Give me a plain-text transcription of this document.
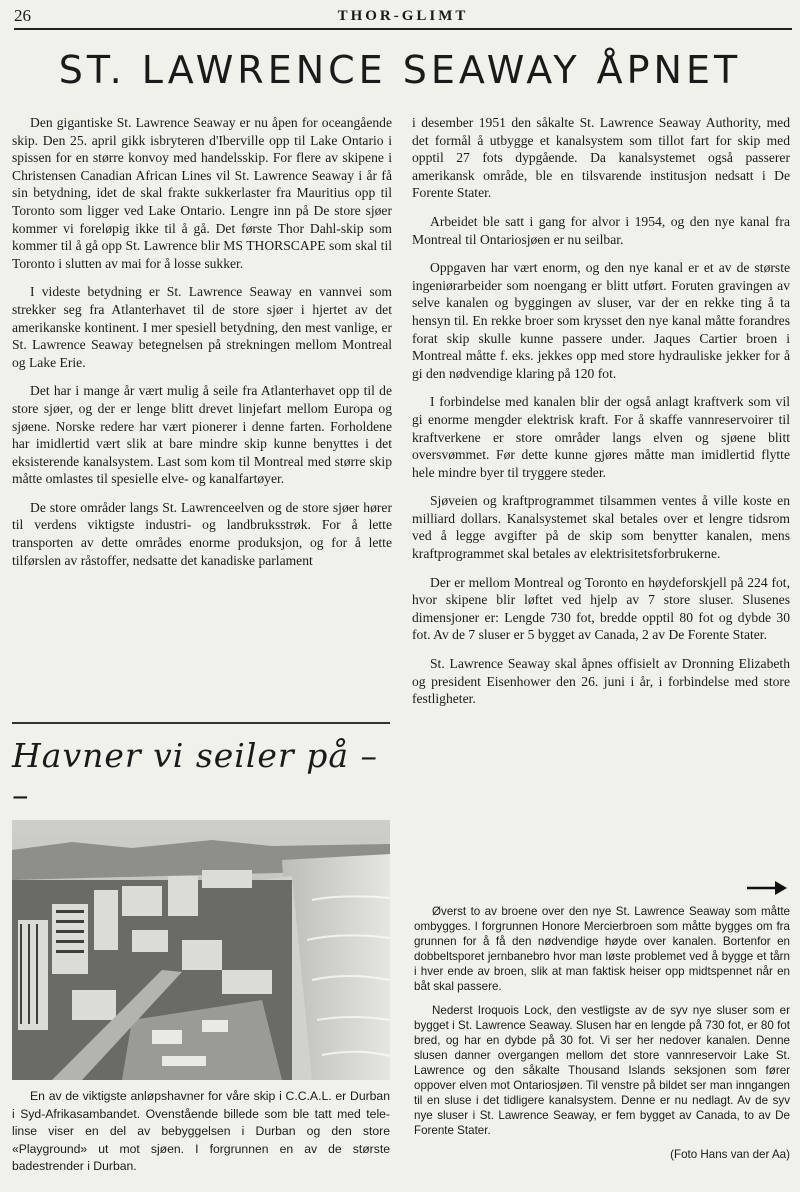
26	THOR-GLIMT
ST. LAWRENCE SEAWAY ÅPNET

Den gigantiske St. Lawrence Seaway er nu åpen for oceangående skip. Den 25. april gikk isbryteren d'Iberville opp til Lake Ontario i spissen for en større konvoy med handelsskip. For flere av skipene i Christensen Canadian African Lines vil St. Lawrence Seaway i år få sin betydning, idet de skal frakte sukkerlaster fra Mauritius opp til Toronto som ligger ved Lake Ontario. Lengre inn på De store sjøer kommer vi foreløpig ikke til å gå. Det første Thor Dahl-skip som kommer til å gå opp St. Lawrence blir MS THORSCAPE som skal til Toronto i slutten av mai for å losse sukker.

I videste betydning er St. Lawrence Seaway en vannvei som strekker seg fra Atlanterhavet til de store sjøer i hjertet av det amerikanske kontinent. I mer spesiell betydning, den mest vanlige, er St. Lawrence Seaway betegnelsen på strekningen mellom Montreal og Lake Erie.

Det har i mange år vært mulig å seile fra Atlanterhavet opp til de store sjøer, og der er lenge blitt drevet linjefart mellom Europa og sjøene. Norske redere har vært pionerer i denne farten. Forholdene har imidlertid vært slik at bare mindre skip kunne benyttes i det eksisterende kanalsystem. Last som kom til Montreal med større skip måtte omlastes til spesielle elve- og kanalfartøyer.

De store områder langs St. Lawrenceelven og de store sjøer hører til verdens viktigste industri- og landbruksstrøk. For å lette transporten av dette områdes enorme produksjon, og for å lette tilførslen av råstoffer, nedsatte det kanadiske parlament

i desember 1951 den såkalte St. Lawrence Seaway Authority, med det formål å utbygge et kanalsystem som tillot fart for skip med opptil 27 fots dypgående. Da kanalsystemet også passerer amerikansk område, ble en tilsvarende institusjon nedsatt i De Forente Stater.

Arbeidet ble satt i gang for alvor i 1954, og den nye kanal fra Montreal til Ontariosjøen er nu seilbar.

Oppgaven har vært enorm, og den nye kanal er et av de største ingeniørarbeider som noengang er blitt utført. Foruten gravingen av selve kanalen og byggingen av sluser, var der en rekke ting å ta hensyn til. En rekke broer som krysset den nye kanal måtte forandres forat skip skulle kunne passere under. Jaques Cartier broen i Montreal måtte f. eks. jekkes opp med store hydrauliske jekker for å gi den nødvendige klaring på 120 fot.

I forbindelse med kanalen blir der også anlagt kraftverk som vil gi enorme mengder elektrisk kraft. For å skaffe vannreservoirer til kraftverkene er store områder langs elven og sjøene blitt oversvømmet. Før dette kunne gjøres måtte man imidlertid flytte hele mindre byer til tryggere steder.

Sjøveien og kraftprogrammet tilsammen ventes å ville koste en milliard dollars. Kanalsystemet skal betales over et lengre tidsrom ved å legge avgifter på de skip som benytter kanalen, mens kraftprogrammet skal betales av elektrisitetsforbrukerne.

Der er mellom Montreal og Toronto en høydeforskjell på 224 fot, hvor skipene blir løftet ved hjelp av 7 store sluser. Slusenes dimensjoner er: Lengde 730 fot, bredde opptil 80 fot og dybde 30 fot. Av de 7 sluser er 5 bygget av Canada, 2 av De Forente Stater.

St. Lawrence Seaway skal åpnes offisielt av Dronning Elizabeth og president Eisenhower den 26. juni i år, i forbindelse med store festligheter.

Havner vi seiler på – –
En av de viktigste anløpshavner for våre skip i C.C.A.L. er Durban i Syd-Afrikasambandet. Ovenstående billede som ble tatt med tele-linse viser en del av bebyggelsen i Durban og den store «Playground» ut mot sjøen. I forgrunnen en av de største badestrender i Durban.

Øverst to av broene over den nye St. Lawrence Seaway som måtte ombygges. I forgrunnen Honore Mercierbroen som måtte bygges om fra grunnen for å få den nødvendige høyde over kanalen. Bortenfor en dobbeltsporet jernbanebro hvor man løste problemet ved å bygge et tårn i hver ende av broen, slik at man faktisk heiser opp midtspennet når en båt skal passere.

Nederst Iroquois Lock, den vestligste av de syv nye sluser som er bygget i St. Lawrence Seaway. Slusen har en lengde på 730 fot, er 80 fot bred, og har en dybde på 30 fot. Vi ser her nedover kanalen. Denne slusen danner overgangen mellom det store vannreservoir Lake St. Lawrence og den såkalte Thousand Islands seksjonen som fører oppover elven mot Ontariosjøen. Til venstre på bildet ser man inngangen til en sluse i det tidligere kanalsystem. Denne er nu nedlagt. Av de syv nye sluser i St. Lawrence Seaway, er fem bygget av Canada, to av De Forente Stater.

(Foto Hans van der Aa)
